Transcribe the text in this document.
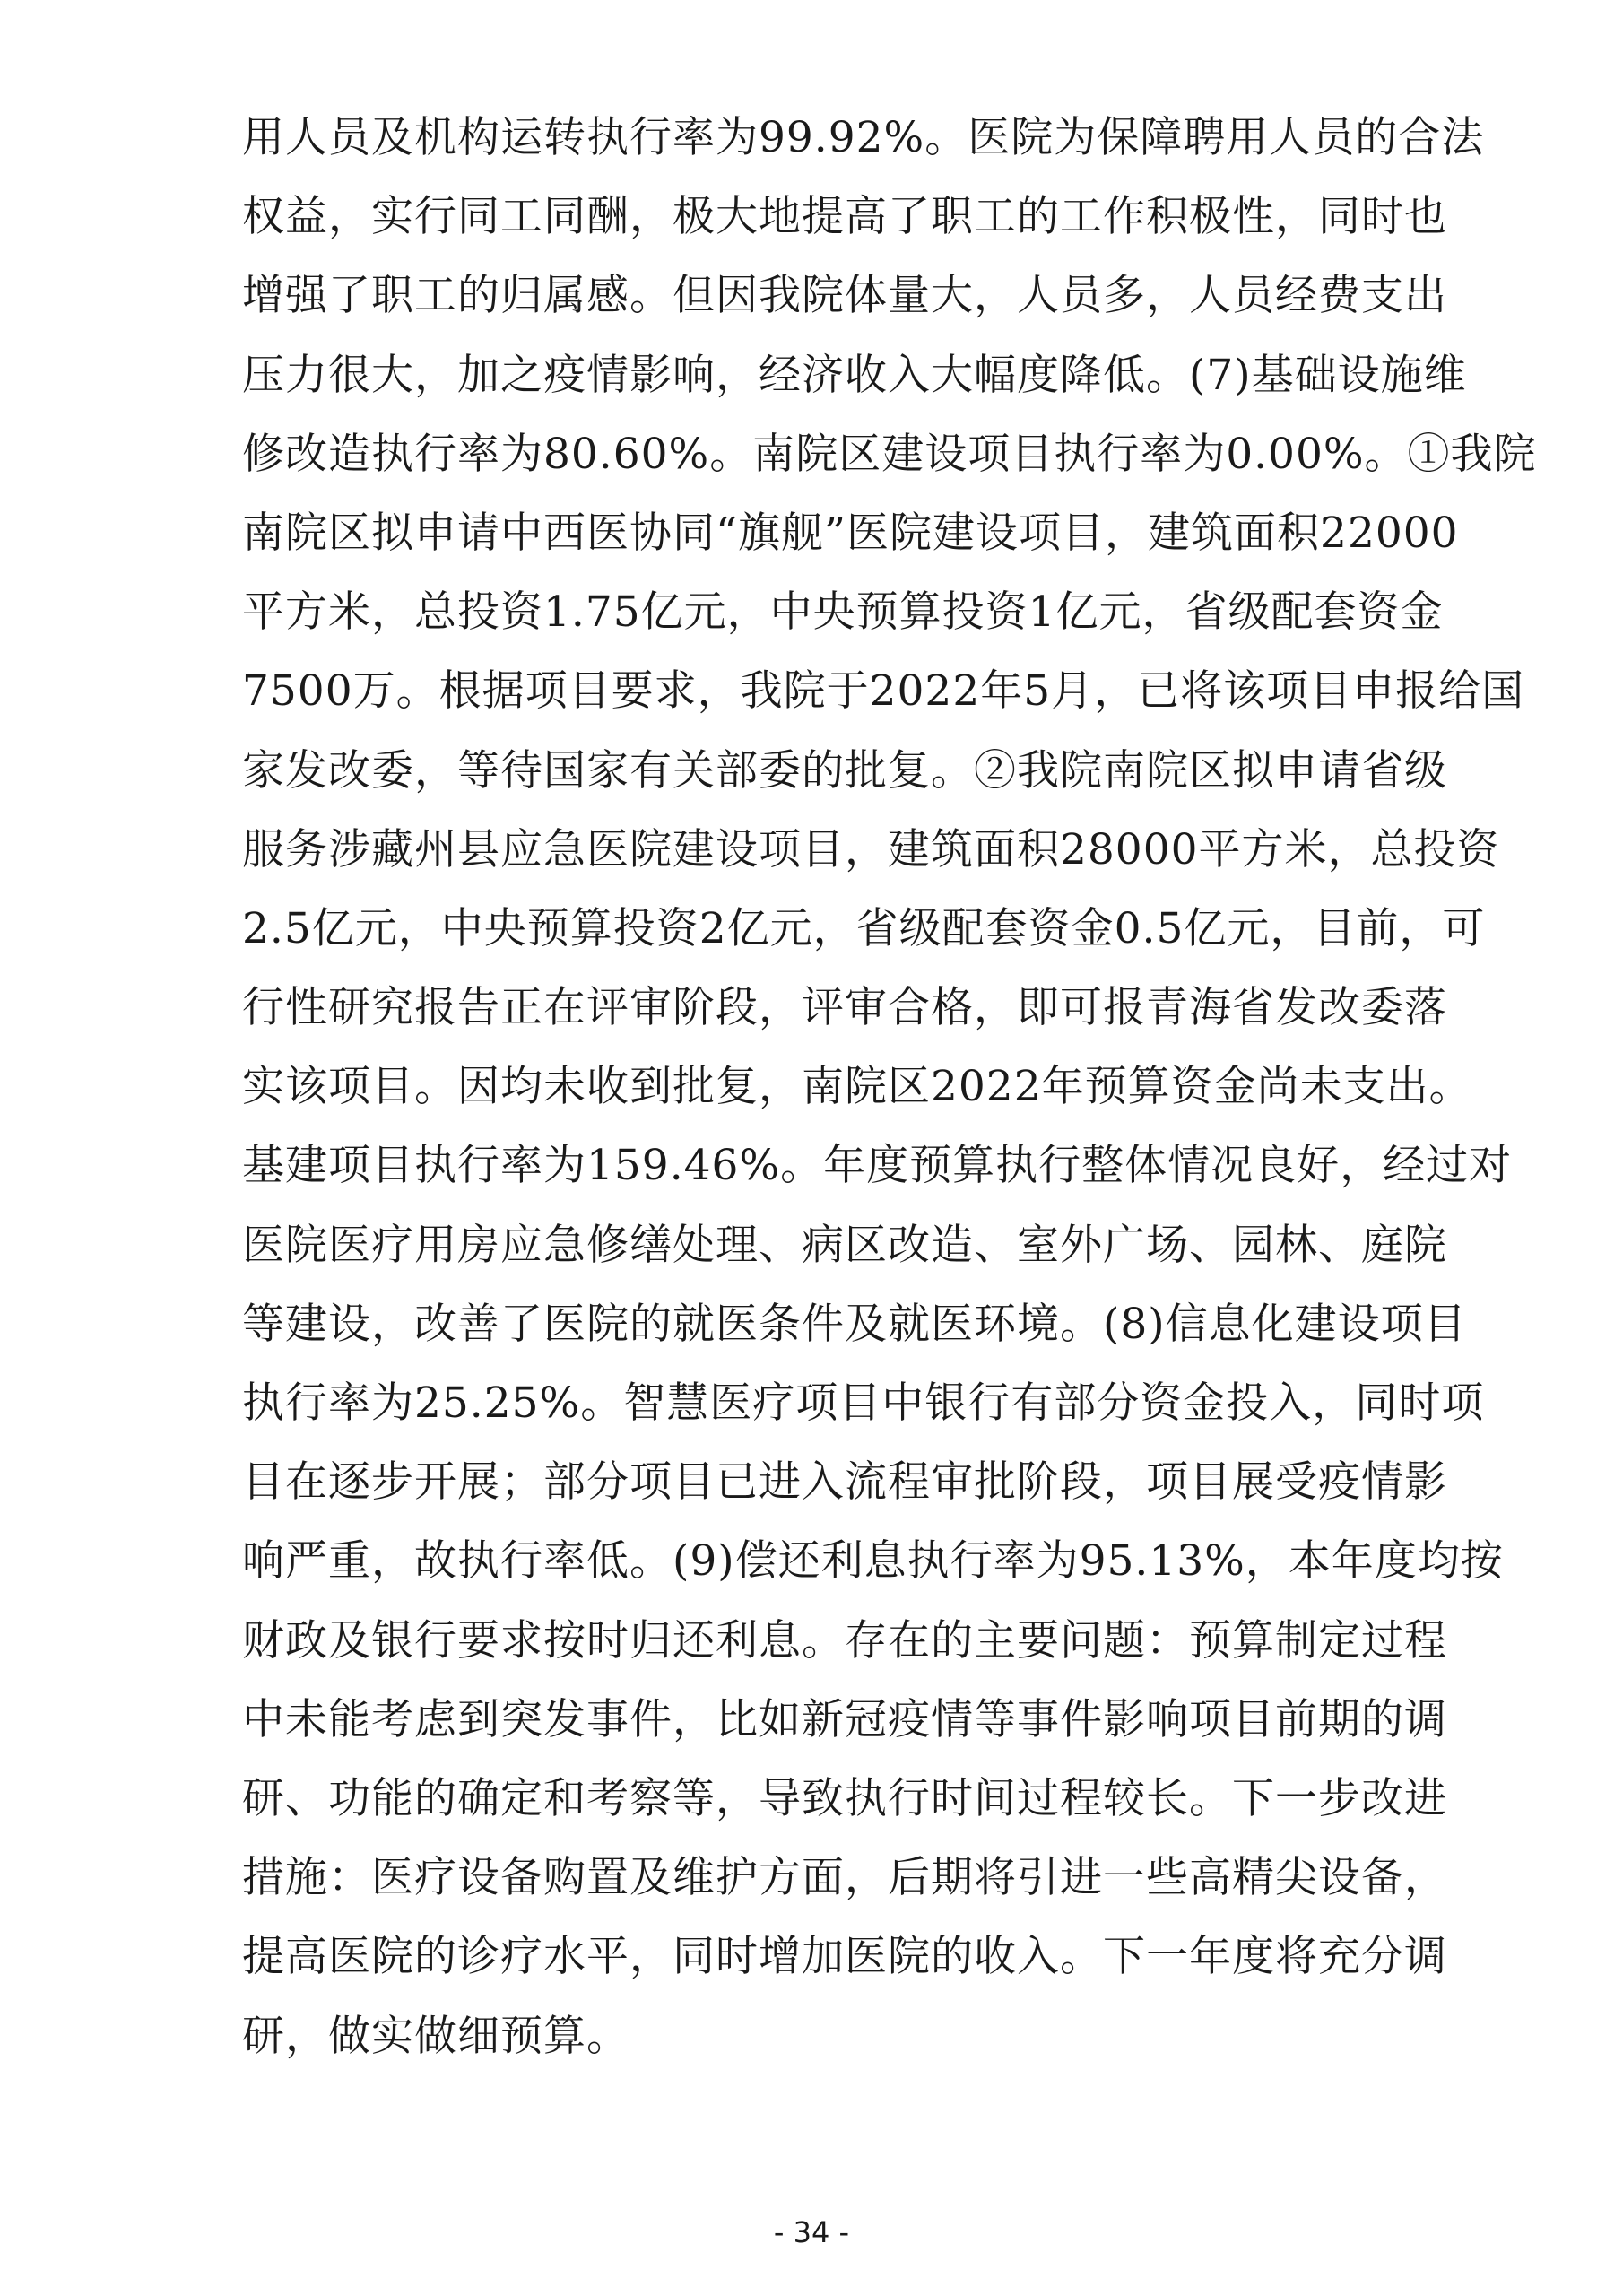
用人员及机构运转执行率为99.92%。医院为保障聘用人员的合法
权益，实行同工同酬，极大地提高了职工的工作积极性，同时也
增强了职工的归属感。但因我院体量大，人员多，人员经费支出
压力很大，加之疫情影响，经济收入大幅度降低。(7)基础设施维
修改造执行率为80.60%。南院区建设项目执行率为0.00%。①我院
南院区拟申请中西医协同“旗舰”医院建设项目，建筑面积22000
平方米，总投资1.75亿元，中央预算投资1亿元，省级配套资金
7500万。根据项目要求，我院于2022年5月，已将该项目申报给国
家发改委，等待国家有关部委的批复。②我院南院区拟申请省级
服务涉藏州县应急医院建设项目，建筑面积28000平方米，总投资
2.5亿元，中央预算投资2亿元，省级配套资金0.5亿元，目前，可
行性研究报告正在评审阶段，评审合格，即可报青海省发改委落
实该项目。因均未收到批复，南院区2022年预算资金尚未支出。
基建项目执行率为159.46%。年度预算执行整体情况良好，经过对
医院医疗用房应急修缮处理、病区改造、室外广场、园林、庭院
等建设，改善了医院的就医条件及就医环境。(8)信息化建设项目
执行率为25.25%。智慧医疗项目中银行有部分资金投入，同时项
目在逐步开展；部分项目已进入流程审批阶段，项目展受疫情影
响严重，故执行率低。(9)偿还利息执行率为95.13%，本年度均按
财政及银行要求按时归还利息。存在的主要问题：预算制定过程
中未能考虑到突发事件，比如新冠疫情等事件影响项目前期的调
研、功能的确定和考察等，导致执行时间过程较长。下一步改进
措施：医疗设备购置及维护方面，后期将引进一些高精尖设备，
提高医院的诊疗水平，同时增加医院的收入。下一年度将充分调
研，做实做细预算。
- 34 -
